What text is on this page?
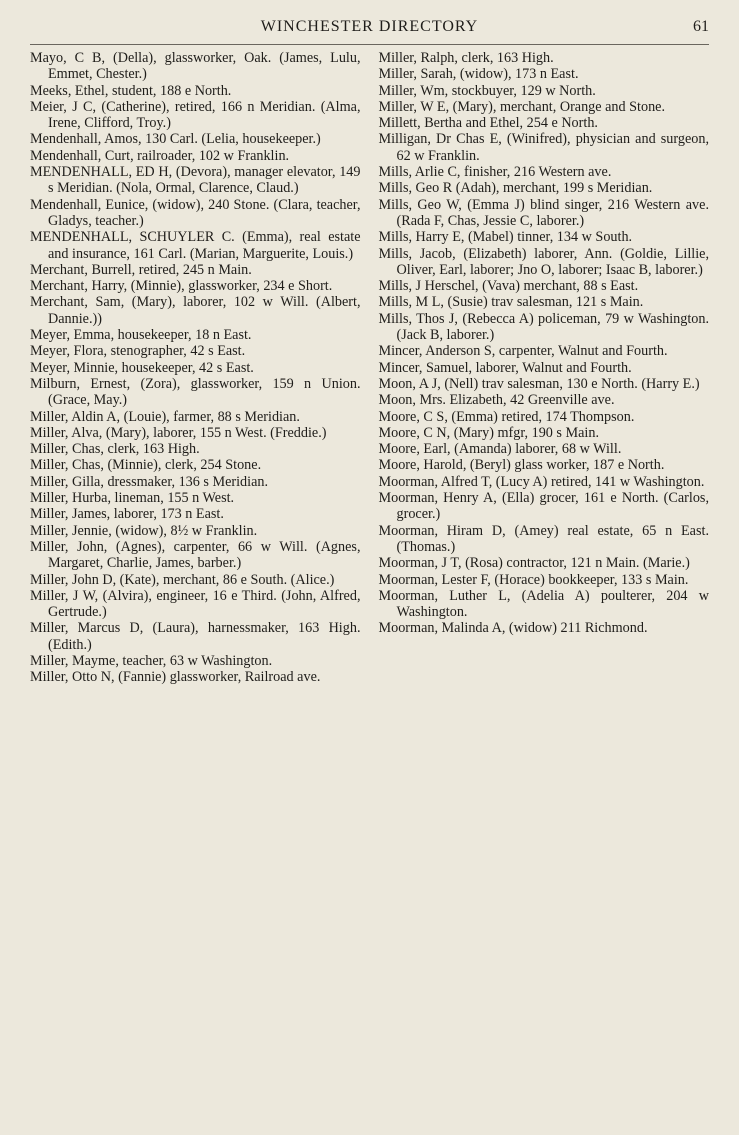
WINCHESTER DIRECTORY	61

Mayo, C B, (Della), glassworker, Oak. (James, Lulu, Emmet, Chester.)

Meeks, Ethel, student, 188 e North.

Meier, J C, (Catherine), retired, 166 n Meridian. (Alma, Irene, Clifford, Troy.)

Mendenhall, Amos, 130 Carl. (Lelia, housekeeper.)

Mendenhall, Curt, railroader, 102 w Franklin.

MENDENHALL, ED H, (Devora), manager elevator, 149 s Meridian. (Nola, Ormal, Clarence, Claud.)

Mendenhall, Eunice, (widow), 240 Stone. (Clara, teacher, Gladys, teacher.)

MENDENHALL, SCHUYLER C. (Emma), real estate and insurance, 161 Carl. (Marian, Marguerite, Louis.)

Merchant, Burrell, retired, 245 n Main.

Merchant, Harry, (Minnie), glassworker, 234 e Short.

Merchant, Sam, (Mary), laborer, 102 w Will. (Albert, Dannie.))

Meyer, Emma, housekeeper, 18 n East.

Meyer, Flora, stenographer, 42 s East.

Meyer, Minnie, housekeeper, 42 s East.

Milburn, Ernest, (Zora), glassworker, 159 n Union. (Grace, May.)

Miller, Aldin A, (Louie), farmer, 88 s Meridian.

Miller, Alva, (Mary), laborer, 155 n West. (Freddie.)

Miller, Chas, clerk, 163 High.

Miller, Chas, (Minnie), clerk, 254 Stone.

Miller, Gilla, dressmaker, 136 s Meridian.

Miller, Hurba, lineman, 155 n West.

Miller, James, laborer, 173 n East.

Miller, Jennie, (widow), 8½ w Franklin.

Miller, John, (Agnes), carpenter, 66 w Will. (Agnes, Margaret, Charlie, James, barber.)

Miller, John D, (Kate), merchant, 86 e South. (Alice.)

Miller, J W, (Alvira), engineer, 16 e Third. (John, Alfred, Gertrude.)

Miller, Marcus D, (Laura), harnessmaker, 163 High. (Edith.)

Miller, Mayme, teacher, 63 w Washington.

Miller, Otto N, (Fannie) glassworker, Railroad ave.

Miller, Ralph, clerk, 163 High.

Miller, Sarah, (widow), 173 n East.

Miller, Wm, stockbuyer, 129 w North.

Miller, W E, (Mary), merchant, Orange and Stone.

Millett, Bertha and Ethel, 254 e North.

Milligan, Dr Chas E, (Winifred), physician and surgeon, 62 w Franklin.

Mills, Arlie C, finisher, 216 Western ave.

Mills, Geo R (Adah), merchant, 199 s Meridian.

Mills, Geo W, (Emma J) blind singer, 216 Western ave. (Rada F, Chas, Jessie C, laborer.)

Mills, Harry E, (Mabel) tinner, 134 w South.

Mills, Jacob, (Elizabeth) laborer, Ann. (Goldie, Lillie, Oliver, Earl, laborer; Jno O, laborer; Isaac B, laborer.)

Mills, J Herschel, (Vava) merchant, 88 s East.

Mills, M L, (Susie) trav salesman, 121 s Main.

Mills, Thos J, (Rebecca A) policeman, 79 w Washington. (Jack B, laborer.)

Mincer, Anderson S, carpenter, Walnut and Fourth.

Mincer, Samuel, laborer, Walnut and Fourth.

Moon, A J, (Nell) trav salesman, 130 e North. (Harry E.)

Moon, Mrs. Elizabeth, 42 Greenville ave.

Moore, C S, (Emma) retired, 174 Thompson.

Moore, C N, (Mary) mfgr, 190 s Main.

Moore, Earl, (Amanda) laborer, 68 w Will.

Moore, Harold, (Beryl) glass worker, 187 e North.

Moorman, Alfred T, (Lucy A) retired, 141 w Washington.

Moorman, Henry A, (Ella) grocer, 161 e North. (Carlos, grocer.)

Moorman, Hiram D, (Amey) real estate, 65 n East. (Thomas.)

Moorman, J T, (Rosa) contractor, 121 n Main. (Marie.)

Moorman, Lester F, (Horace) bookkeeper, 133 s Main.

Moorman, Luther L, (Adelia A) poulterer, 204 w Washington.

Moorman, Malinda A, (widow) 211 Richmond.
